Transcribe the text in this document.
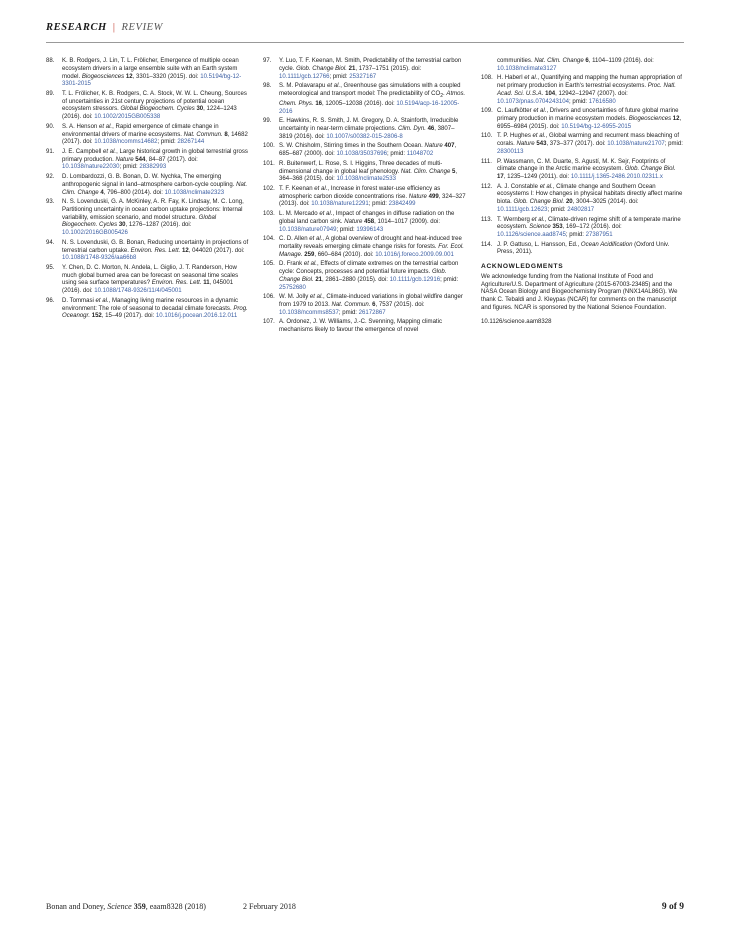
RESEARCH | REVIEW

88. K. B. Rodgers, J. Lin, T. L. Frölicher, Emergence of multiple ocean ecosystem drivers in a large ensemble suite with an Earth system model. Biogeosciences 12, 3301–3320 (2015). doi: 10.5194/bg-12-3301-2015

89. T. L. Frölicher, K. B. Rodgers, C. A. Stock, W. W. L. Cheung, Sources of uncertainties in 21st century projections of potential ocean ecosystem stressors. Global Biogeochem. Cycles 30, 1224–1243 (2016). doi: 10.1002/2015GB005338

90. S. A. Henson et al., Rapid emergence of climate change in environmental drivers of marine ecosystems. Nat. Commun. 8, 14682 (2017). doi: 10.1038/ncomms14682; pmid: 28267144

91. J. E. Campbell et al., Large historical growth in global terrestrial gross primary production. Nature 544, 84–87 (2017). doi: 10.1038/nature22030; pmid: 28382993

92. D. Lombardozzi, G. B. Bonan, D. W. Nychka, The emerging anthropogenic signal in land–atmosphere carbon-cycle coupling. Nat. Clim. Change 4, 796–800 (2014). doi: 10.1038/nclimate2323

93. N. S. Lovenduski, G. A. McKinley, A. R. Fay, K. Lindsay, M. C. Long, Partitioning uncertainty in ocean carbon uptake projections: Internal variability, emission scenario, and model structure. Global Biogeochem. Cycles 30, 1276–1287 (2016). doi: 10.1002/2016GB005426

94. N. S. Lovenduski, G. B. Bonan, Reducing uncertainty in projections of terrestrial carbon uptake. Environ. Res. Lett. 12, 044020 (2017). doi: 10.1088/1748-9326/aa66b8

95. Y. Chen, D. C. Morton, N. Andela, L. Giglio, J. T. Randerson, How much global burned area can be forecast on seasonal time scales using sea surface temperatures? Environ. Res. Lett. 11, 045001 (2016). doi: 10.1088/1748-9326/11/4/045001

96. D. Tommasi et al., Managing living marine resources in a dynamic environment: The role of seasonal to decadal climate forecasts. Prog. Oceanogr. 152, 15–49 (2017). doi: 10.1016/j.pocean.2016.12.011

97. Y. Luo, T. F. Keenan, M. Smith, Predictability of the terrestrial carbon cycle. Glob. Change Biol. 21, 1737–1751 (2015). doi: 10.1111/gcb.12766; pmid: 25327167

98. S. M. Polavarapu et al., Greenhouse gas simulations with a coupled meteorological and transport model: The predictability of $CO_2$. Atmos. Chem. Phys. 16, 12005–12038 (2016). doi: 10.5194/acp-16-12005-2016

99. E. Hawkins, R. S. Smith, J. M. Gregory, D. A. Stainforth, Irreducible uncertainty in near-term climate projections. Clim. Dyn. 46, 3807–3819 (2016). doi: 10.1007/s00382-015-2806-8

100. S. W. Chisholm, Stirring times in the Southern Ocean. Nature 407, 685–687 (2000). doi: 10.1038/35037696; pmid: 11048702

101. R. Buitenwerf, L. Rose, S. I. Higgins, Three decades of multi-dimensional change in global leaf phenology. Nat. Clim. Change 5, 364–368 (2015). doi: 10.1038/nclimate2533

102. T. F. Keenan et al., Increase in forest water-use efficiency as atmospheric carbon dioxide concentrations rise. Nature 499, 324–327 (2013). doi: 10.1038/nature12291; pmid: 23842499

103. L. M. Mercado et al., Impact of changes in diffuse radiation on the global land carbon sink. Nature 458, 1014–1017 (2009). doi: 10.1038/nature07949; pmid: 19396143

104. C. D. Allen et al., A global overview of drought and heat-induced tree mortality reveals emerging climate change risks for forests. For. Ecol. Manage. 259, 660–684 (2010). doi: 10.1016/j.foreco.2009.09.001

105. D. Frank et al., Effects of climate extremes on the terrestrial carbon cycle: Concepts, processes and potential future impacts. Glob. Change Biol. 21, 2861–2880 (2015). doi: 10.1111/gcb.12916; pmid: 25752680

106. W. M. Jolly et al., Climate-induced variations in global wildfire danger from 1979 to 2013. Nat. Commun. 6, 7537 (2015). doi: 10.1038/ncomms8537; pmid: 26172867

107. A. Ordonez, J. W. Williams, J.-C. Svenning, Mapping climatic mechanisms likely to favour the emergence of novel

communities. Nat. Clim. Change 6, 1104–1109 (2016). doi: 10.1038/nclimate3127

108. H. Haberl et al., Quantifying and mapping the human appropriation of net primary production in Earth's terrestrial ecosystems. Proc. Natl. Acad. Sci. U.S.A. 104, 12942–12947 (2007). doi: 10.1073/pnas.0704243104; pmid: 17616580

109. C. Laufkötter et al., Drivers and uncertainties of future global marine primary production in marine ecosystem models. Biogeosciences 12, 6955–6984 (2015). doi: 10.5194/bg-12-6955-2015

110. T. P. Hughes et al., Global warming and recurrent mass bleaching of corals. Nature 543, 373–377 (2017). doi: 10.1038/nature21707; pmid: 28300113

111. P. Wassmann, C. M. Duarte, S. Agustí, M. K. Sejr, Footprints of climate change in the Arctic marine ecosystem. Glob. Change Biol. 17, 1235–1249 (2011). doi: 10.1111/j.1365-2486.2010.02311.x

112. A. J. Constable et al., Climate change and Southern Ocean ecosystems I: How changes in physical habitats directly affect marine biota. Glob. Change Biol. 20, 3004–3025 (2014). doi: 10.1111/gcb.12623; pmid: 24802817

113. T. Wernberg et al., Climate-driven regime shift of a temperate marine ecosystem. Science 353, 169–172 (2016). doi: 10.1126/science.aad8745; pmid: 27387951

114. J. P. Gattuso, L. Hansson, Ed., Ocean Acidification (Oxford Univ. Press, 2011).

ACKNOWLEDGMENTS

We acknowledge funding from the National Institute of Food and Agriculture/U.S. Department of Agriculture (2015-67003-23485) and the NASA Ocean Biology and Biogeochemistry Program (NNX14AL86G). We thank C. Tebaldi and J. Kleypas (NCAR) for comments on the manuscript and figures. NCAR is sponsored by the National Science Foundation.

10.1126/science.aam8328

Bonan and Doney, Science 359, eaam8328 (2018)	2 February 2018	9 of 9
